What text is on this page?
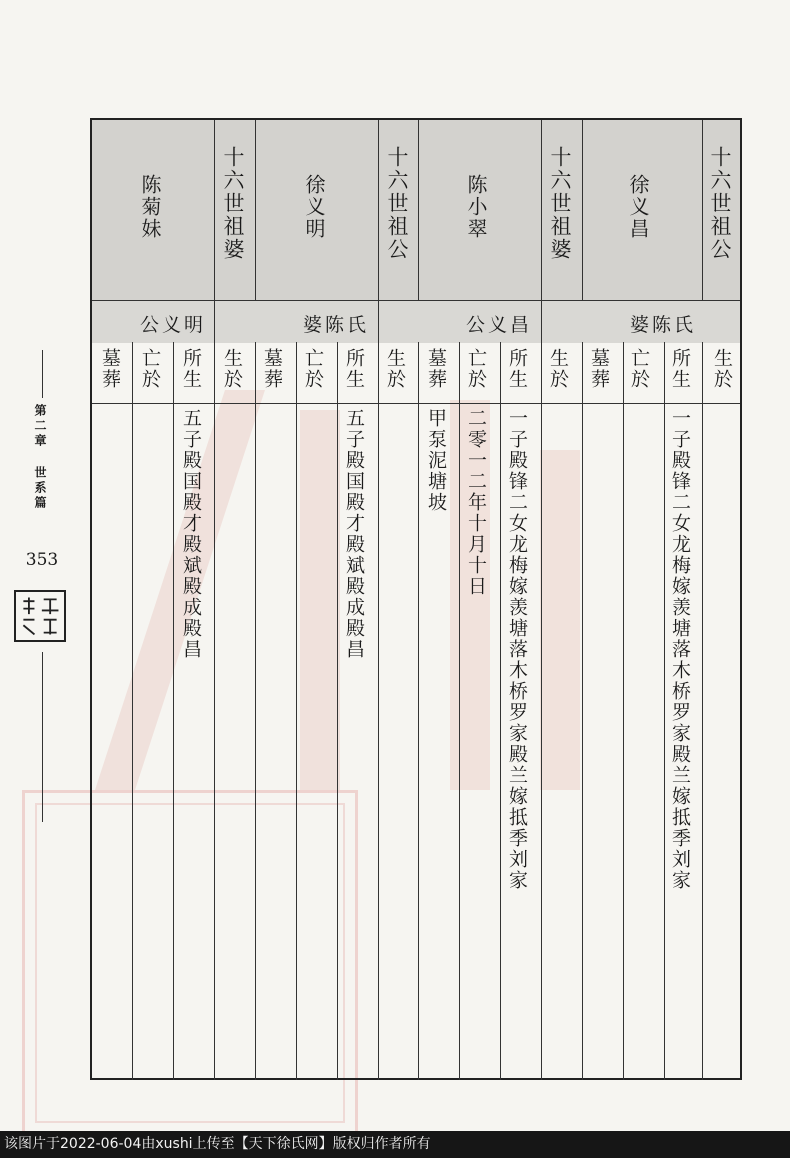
第二章 世系篇
353
十六世祖公
徐义昌
婆陈氏
生於
所生
亡於
墓葬
一子殿锋二女龙梅嫁羡塘落木桥罗家殿兰嫁抵季刘家
十六世祖婆
陈小翠
公义昌
生於
所生
亡於
墓葬
一子殿锋二女龙梅嫁羡塘落木桥罗家殿兰嫁抵季刘家
二零一二年十月十日
甲泵泥塘坡
十六世祖公
徐义明
婆陈氏
生於
所生
亡於
墓葬
五子殿国殿才殿斌殿成殿昌
十六世祖婆
陈菊妹
公义明
生於
所生
亡於
墓葬
五子殿国殿才殿斌殿成殿昌
该图片于2022-06-04由xushi上传至【天下徐氏网】版权归作者所有
